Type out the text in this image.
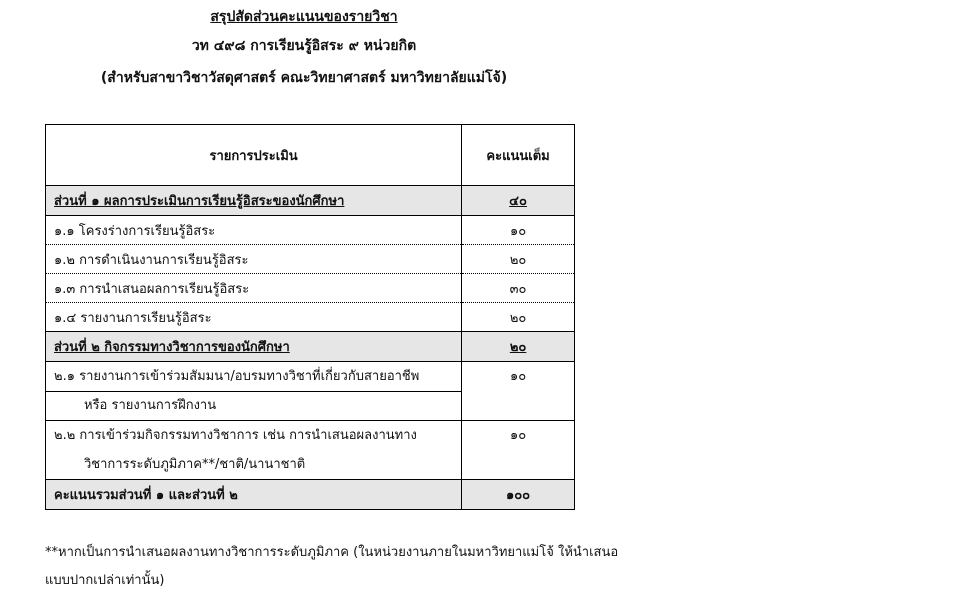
สรุปสัดส่วนคะแนนของรายวิชา
วท ๔๙๘ การเรียนรู้อิสระ ๙ หน่วยกิต
(สำหรับสาขาวิชาวัสดุศาสตร์ คณะวิทยาศาสตร์ มหาวิทยาลัยแม่โจ้)
รายการประเมิน	คะแนนเต็ม
ส่วนที่ ๑ ผลการประเมินการเรียนรู้อิสระของนักศึกษา	๔๐
๑.๑ โครงร่างการเรียนรู้อิสระ	๑๐
๑.๒ การดำเนินงานการเรียนรู้อิสระ	๒๐
๑.๓ การนำเสนอผลการเรียนรู้อิสระ	๓๐
๑.๔ รายงานการเรียนรู้อิสระ	๒๐
ส่วนที่ ๒ กิจกรรมทางวิชาการของนักศึกษา	๒๐

๒.๑ รายงานการเข้าร่วมสัมมนา/อบรมทางวิชาที่เกี่ยวกับสายอาชีพ
หรือ รายงานการฝึกงาน	๑๐

๒.๒ การเข้าร่วมกิจกรรมทางวิชาการ เช่น การนำเสนอผลงานทาง
วิชาการระดับภูมิภาค**/ชาติ/นานาชาติ	๑๐
คะแนนรวมส่วนที่ ๑ และส่วนที่ ๒	๑๐๐
**หากเป็นการนำเสนอผลงานทางวิชาการระดับภูมิภาค (ในหน่วยงานภายในมหาวิทยาแม่โจ้ ให้นำเสนอแบบปากเปล่าเท่านั้น)
